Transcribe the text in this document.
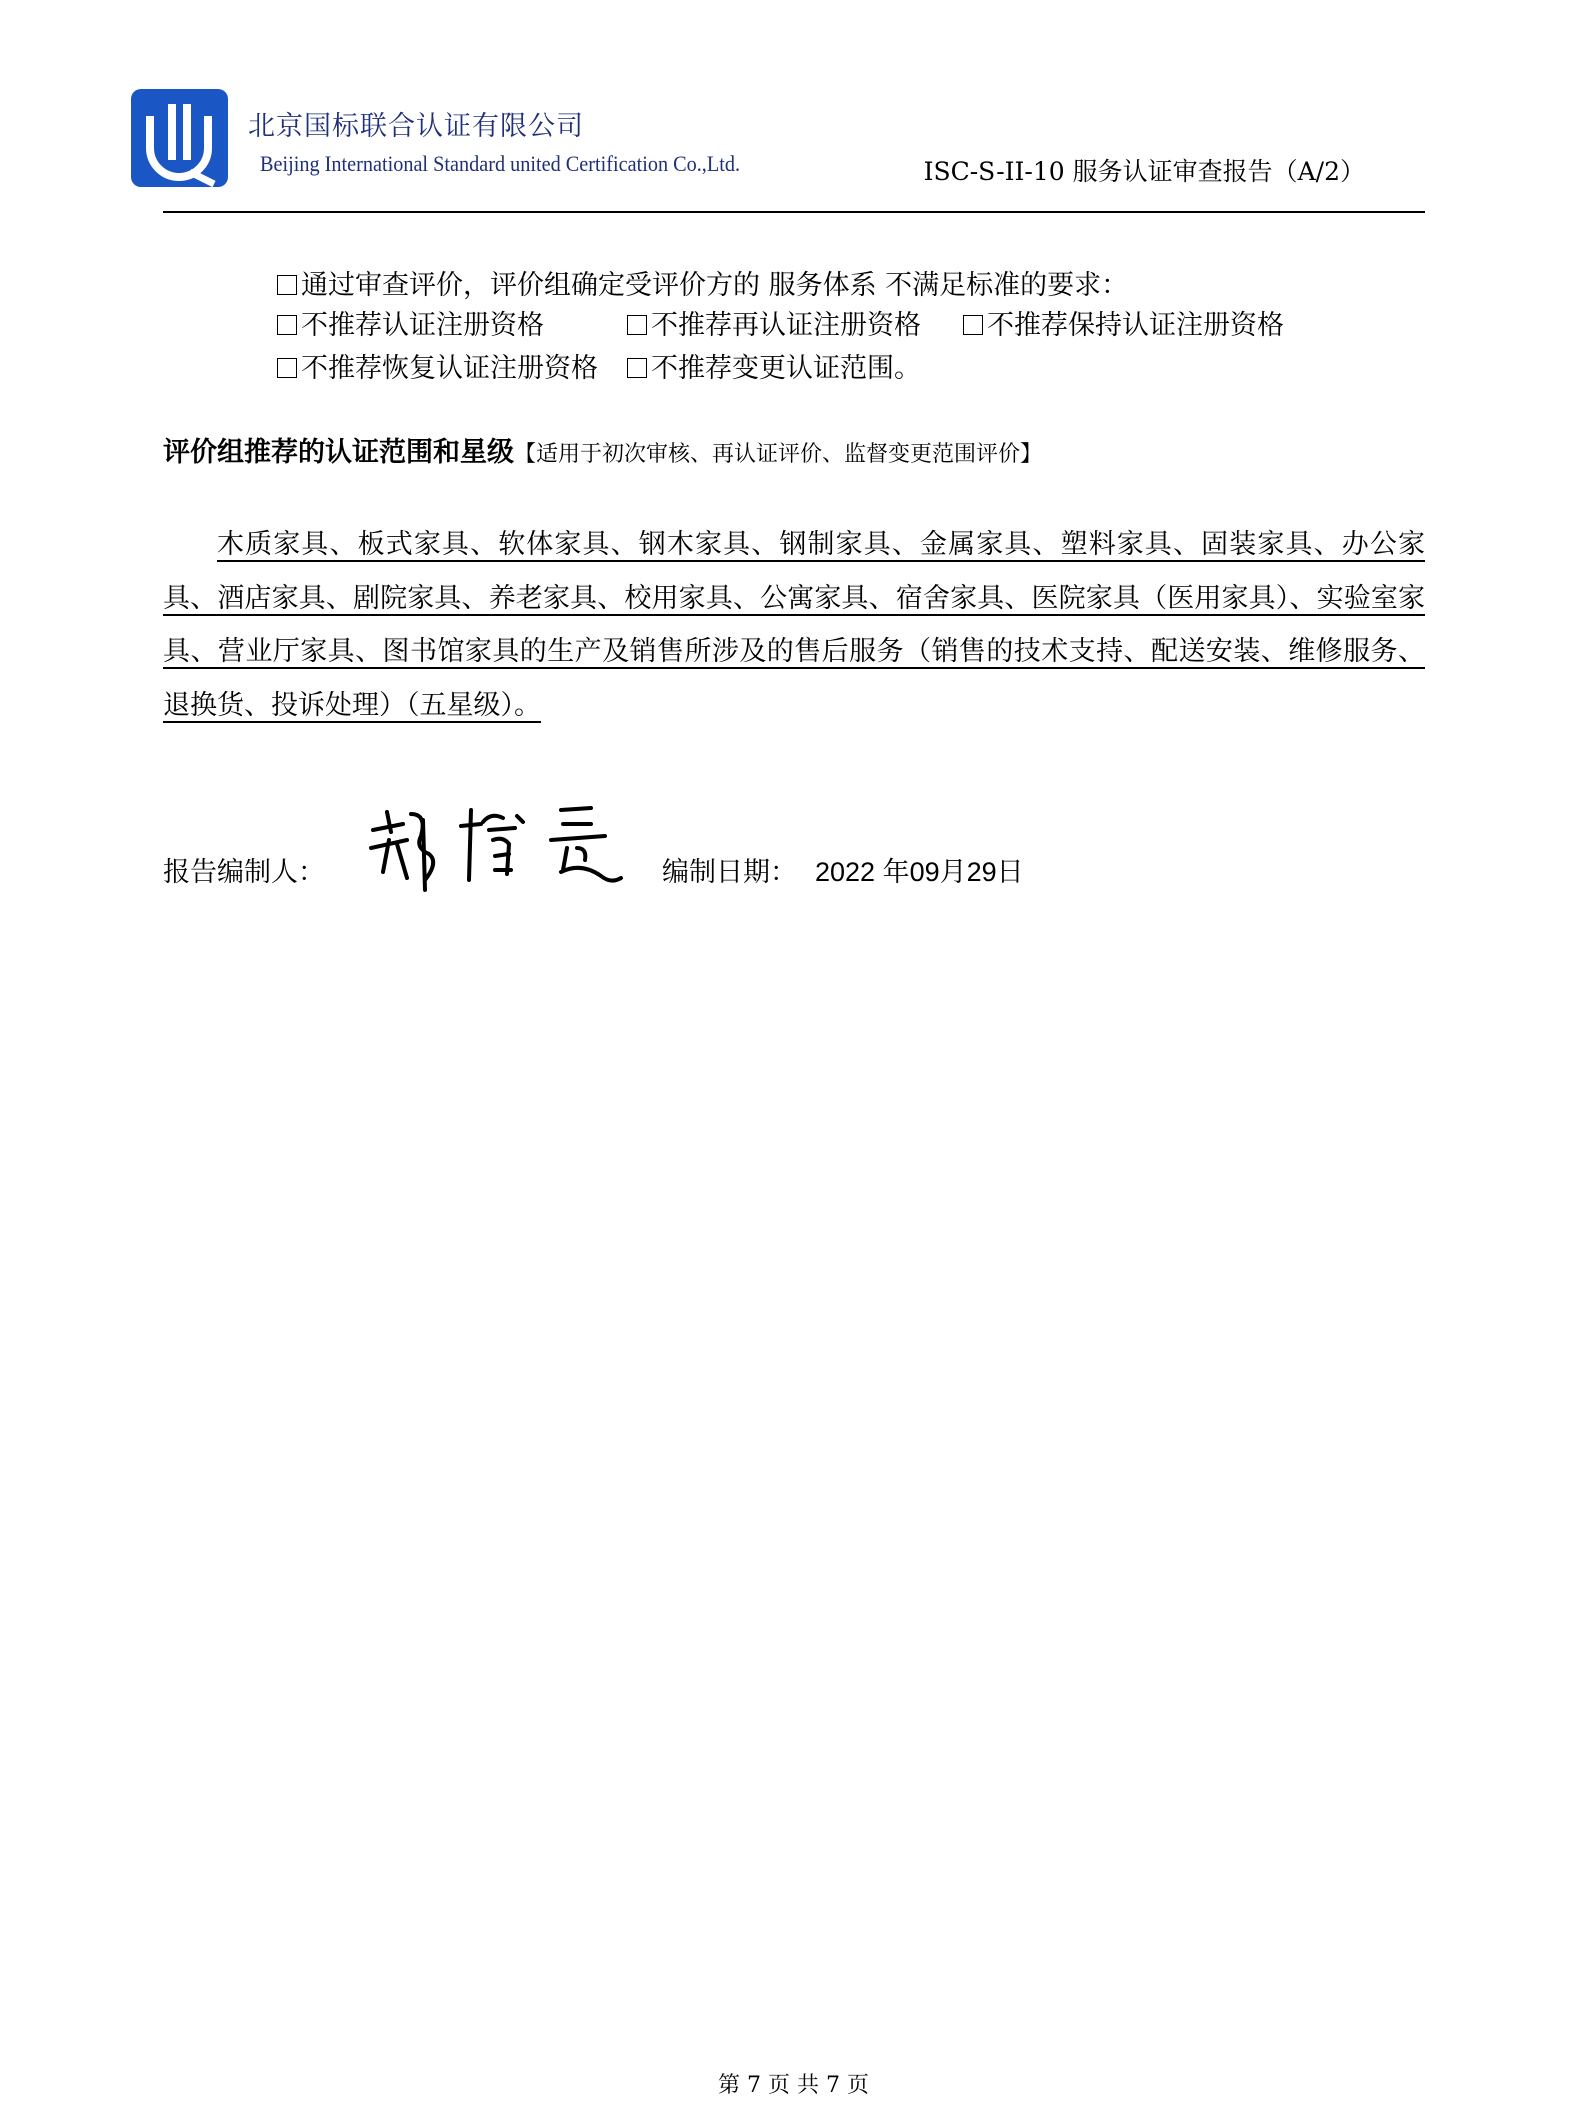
北京国标联合认证有限公司
Beijing International Standard united Certification Co.,Ltd.	ISC-S-II-10 服务认证审查报告（A/2）
通过审查评价，评价组确定受评价方的 服务体系 不满足标准的要求：
不推荐认证注册资格	不推荐再认证注册资格	不推荐保持认证注册资格
不推荐恢复认证注册资格	不推荐变更认证范围。
评价组推荐的认证范围和星级【适用于初次审核、再认证评价、监督变更范围评价】
木质家具、板式家具、软体家具、钢木家具、钢制家具、金属家具、塑料家具、固装家具、办公家具、酒店家具、剧院家具、养老家具、校用家具、公寓家具、宿舍家具、医院家具（医用家具）、实验室家具、营业厅家具、图书馆家具的生产及销售所涉及的售后服务（销售的技术支持、配送安装、维修服务、退换货、投诉处理）（五星级）。
报告编制人：	编制日期： 2022 年09月29日
第 7 页 共 7 页
